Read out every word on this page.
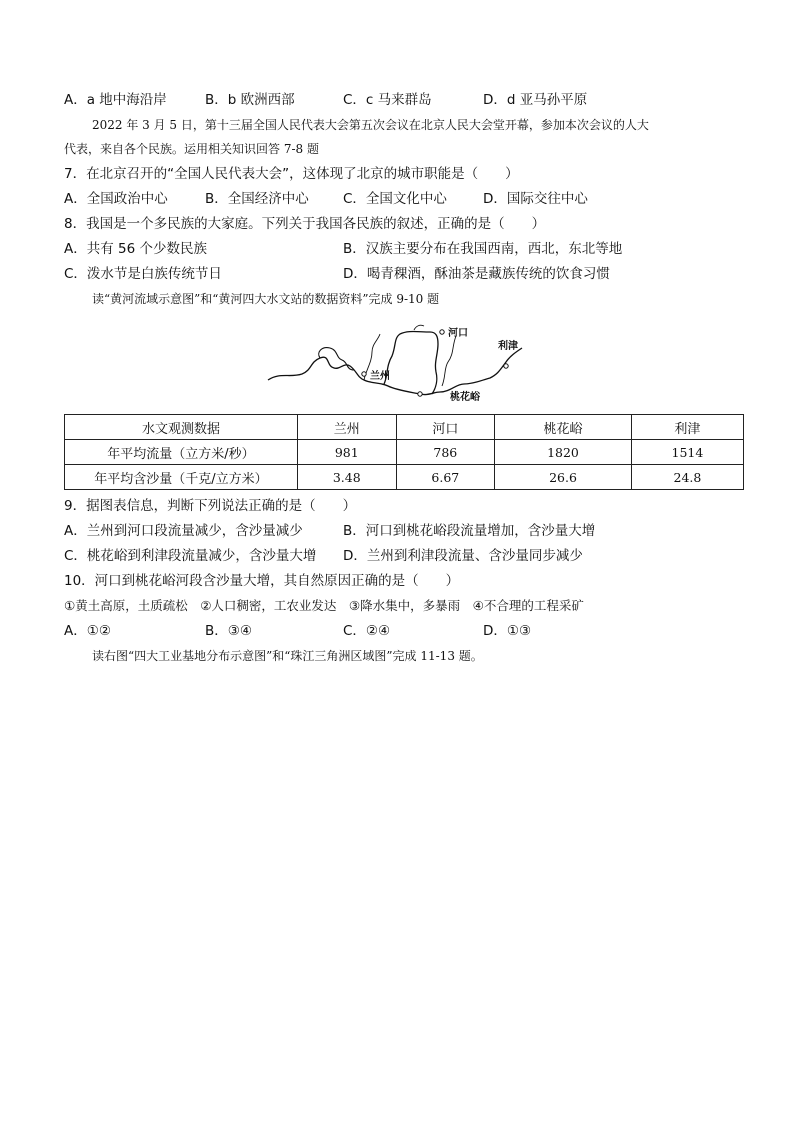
A．a 地中海沿岸	B．b 欧洲西部	C．c 马来群岛	D．d 亚马孙平原
2022 年 3 月 5 日，第十三届全国人民代表大会第五次会议在北京人民大会堂开幕，参加本次会议的人大
代表，来自各个民族。运用相关知识回答 7-8 题
7．在北京召开的“全国人民代表大会”，这体现了北京的城市职能是（　　）
A．全国政治中心	B．全国经济中心	C．全国文化中心	D．国际交往中心
8．我国是一个多民族的大家庭。下列关于我国各民族的叙述，正确的是（　　）
A．共有 56 个少数民族	B．汉族主要分布在我国西南，西北，东北等地
C．泼水节是白族传统节日	D．喝青稞酒，酥油茶是藏族传统的饮食习惯
读“黄河流域示意图”和“黄河四大水文站的数据资料”完成 9-10 题
河口
利津
兰州
桃花峪
水文观测数据	兰州	河口	桃花峪	利津
年平均流量（立方米/秒）	981	786	1820	1514
年平均含沙量（千克/立方米）	3.48	6.67	26.6	24.8
9．据图表信息，判断下列说法正确的是（　　）
A．兰州到河口段流量减少，含沙量减少	B．河口到桃花峪段流量增加，含沙量大增
C．桃花峪到利津段流量减少，含沙量大增 D．兰州到利津段流量、含沙量同步减少
10．河口到桃花峪河段含沙量大增，其自然原因正确的是（　　）
①黄土高原，土质疏松　②人口稠密，工农业发达　③降水集中，多暴雨　④不合理的工程采矿
A．①②	B．③④	C．②④	D．①③
读右图“四大工业基地分布示意图”和“珠江三角洲区域图”完成 11-13 题。
